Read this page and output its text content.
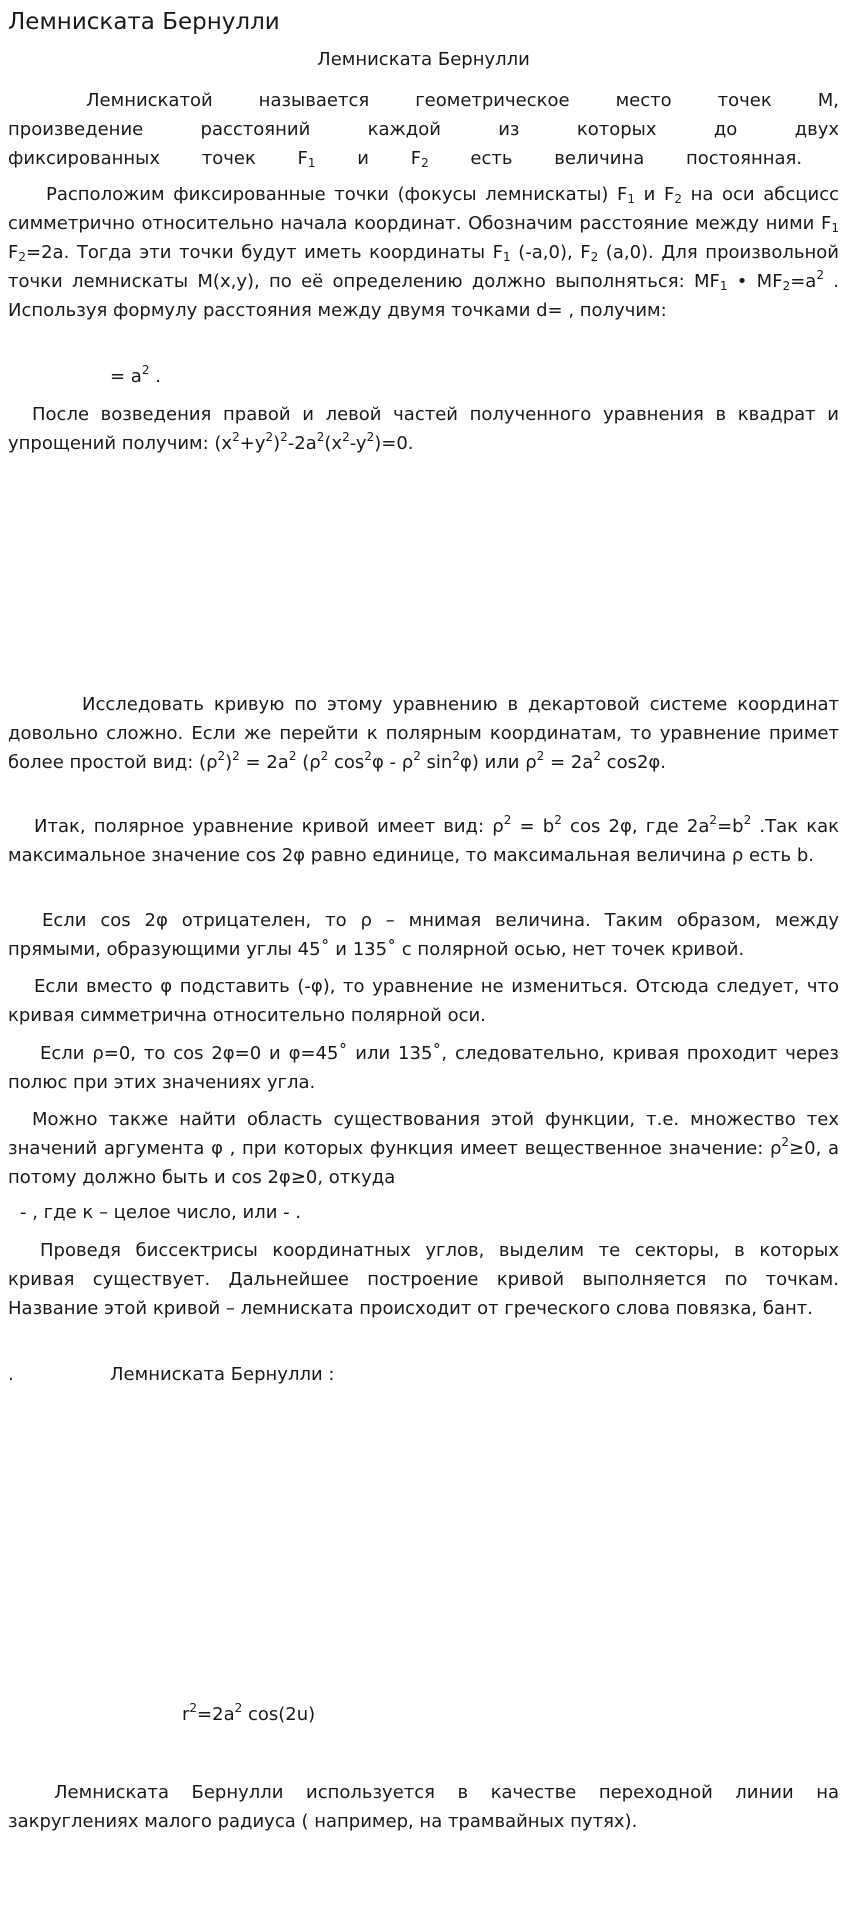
Лемниската Бернулли
Лемниската Бернулли

Лемнискатой называется геометрическое место точек М, произведение расстояний каждой из которых до двух фиксированных точек $F_1$ и $F_2$ есть величина постоянная.

Расположим фиксированные точки (фокусы лемнискаты) $F_1$ и $F_2$ на оси абсцисс симметрично относительно начала координат. Обозначим расстояние между ними $F_1$ $F_2=2a$. Тогда эти точки будут иметь координаты $F_1$ (-a,0), $F_2$ (a,0). Для произвольной точки лемнискаты M(x,y), по её определению должно выполняться: $MF_1$ • $MF_2=a^2$ . Используя формулу расстояния между двумя точками d= , получим:

= $a^2$ .

После возведения правой и левой частей полученного уравнения в квадрат и упрощений получим: $(x^2+y^2)^2-2a^2(x^2-y^2)=0$.

Исследовать кривую по этому уравнению в декартовой системе координат довольно сложно. Если же перейти к полярным координатам, то уравнение примет более простой вид: $(\rho^2)^2 = 2a^2$ ($\rho^2$ $\cos^2\varphi - \rho^2$ $\sin^2\varphi$) или $\rho^2 = 2a^2$ cos2φ.

Итак, полярное уравнение кривой имеет вид: $\rho^2 = b^2$ cos 2φ, где $2a^2=b^2$ .Так как максимальное значение cos 2φ равно единице, то максимальная величина ρ есть b.

Если cos 2φ отрицателен, то ρ – мнимая величина. Таким образом, между прямыми, образующими углы 45˚ и 135˚ с полярной осью, нет точек кривой.

Если вместо φ подставить (-φ), то уравнение не измениться. Отсюда следует, что кривая симметрична относительно полярной оси.

Если ρ=0, то cos 2φ=0 и φ=45˚ или 135˚, следовательно, кривая проходит через полюс при этих значениях угла.

Можно также найти область существования этой функции, т.е. множество тех значений аргумента φ , при которых функция имеет вещественное значение: $\rho^2\ge 0$, а потому должно быть и cos 2φ≥0, откуда

- , где к – целое число, или - .

Проведя биссектрисы координатных углов, выделим те секторы, в которых кривая существует. Дальнейшее построение кривой выполняется по точкам. Название этой кривой – лемниската происходит от греческого слова повязка, бант.

.	Лемниската Бернулли :
$r^2=2a^2$ cos(2u)

Лемниската Бернулли используется в качестве переходной линии на закруглениях малого радиуса ( например, на трамвайных путях).
